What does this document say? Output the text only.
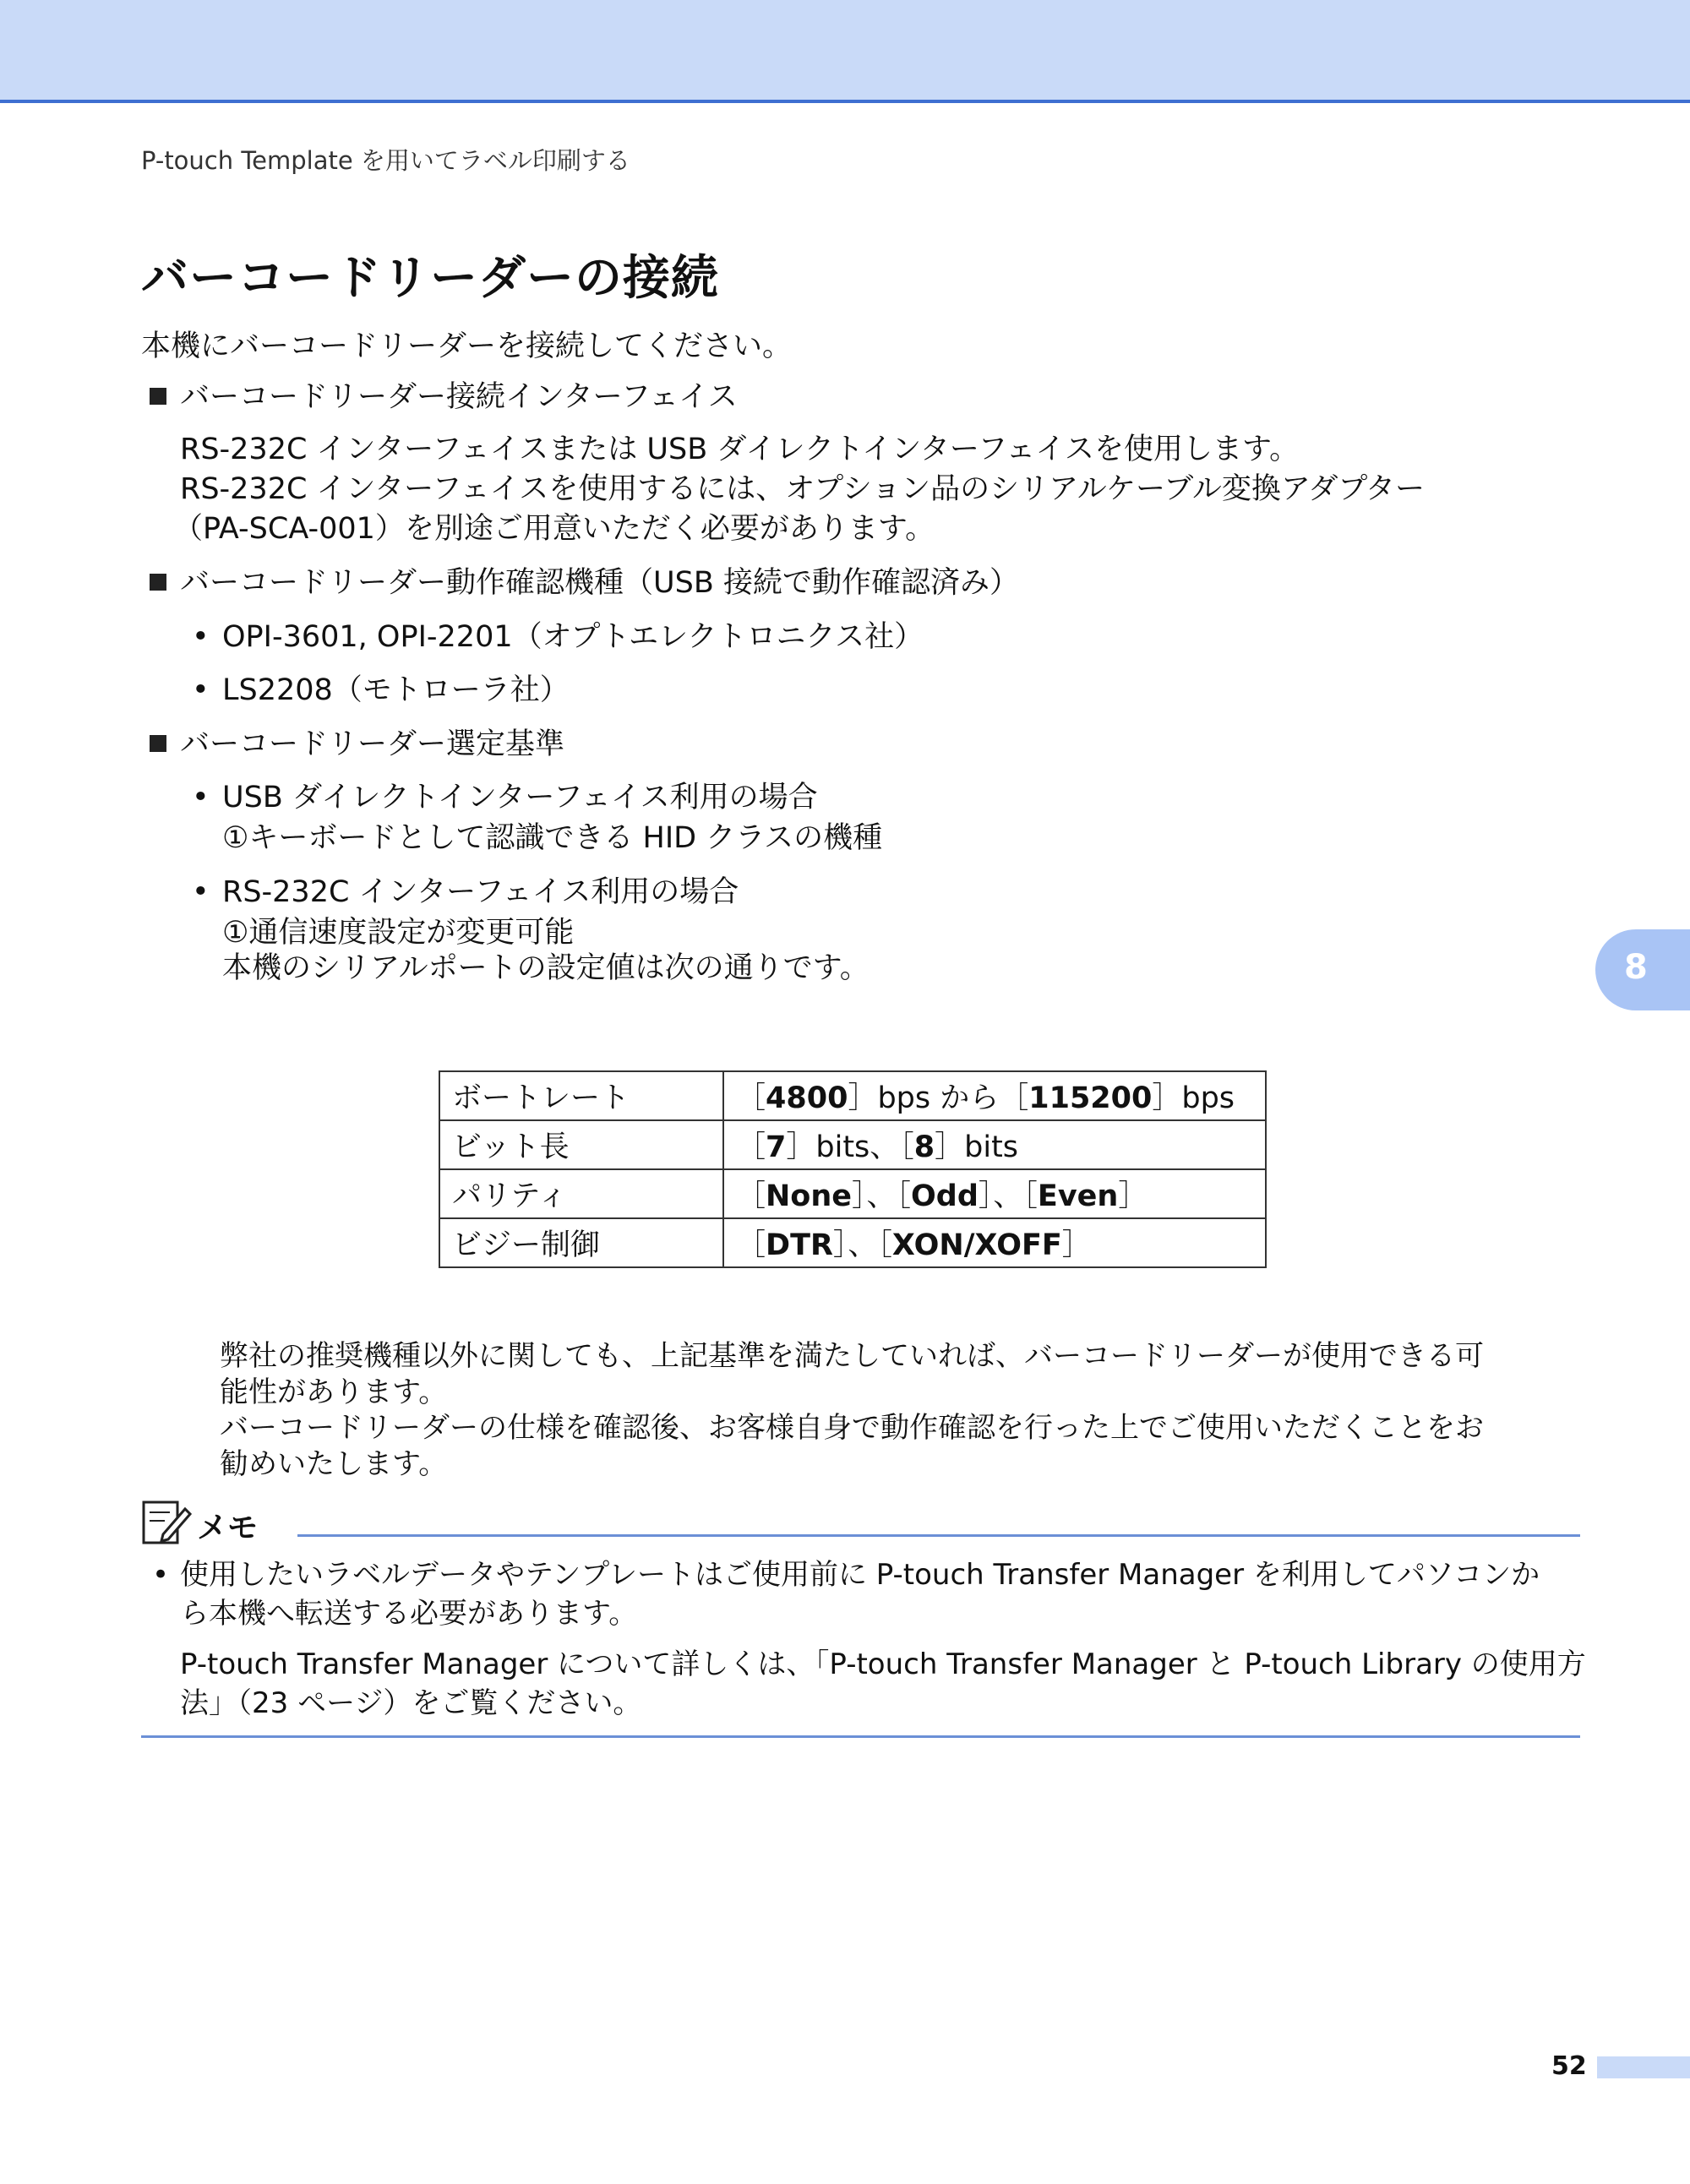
P-touch Template を用いてラベル印刷する
バーコードリーダーの接続
本機にバーコードリーダーを接続してください。
バーコードリーダー接続インターフェイス
RS-232C インターフェイスまたは USB ダイレクトインターフェイスを使用します。
RS-232C インターフェイスを使用するには、オプション品のシリアルケーブル変換アダプター
（PA-SCA-001）を別途ご用意いただく必要があります。
バーコードリーダー動作確認機種（USB 接続で動作確認済み）
• OPI-3601, OPI-2201（オプトエレクトロニクス社）
• LS2208（モトローラ社）
バーコードリーダー選定基準
• USB ダイレクトインターフェイス利用の場合
①キーボードとして認識できる HID クラスの機種
• RS-232C インターフェイス利用の場合
①通信速度設定が変更可能
本機のシリアルポートの設定値は次の通りです。	8
ボートレート	［4800］bps から［115200］bps
ビット長	［7］bits、［8］bits
パリティ	［None］、［Odd］、［Even］
ビジー制御	［DTR］、［XON/XOFF］
弊社の推奨機種以外に関しても、上記基準を満たしていれば、バーコードリーダーが使用できる可
能性があります。
バーコードリーダーの仕様を確認後、お客様自身で動作確認を行った上でご使用いただくことをお
勧めいたします。
メモ
• 使用したいラベルデータやテンプレートはご使用前に P-touch Transfer Manager を利用してパソコンか
ら本機へ転送する必要があります。
P-touch Transfer Manager について詳しくは、「P-touch Transfer Manager と P-touch Library の使用方
法」（23 ページ）をご覧ください。
52
